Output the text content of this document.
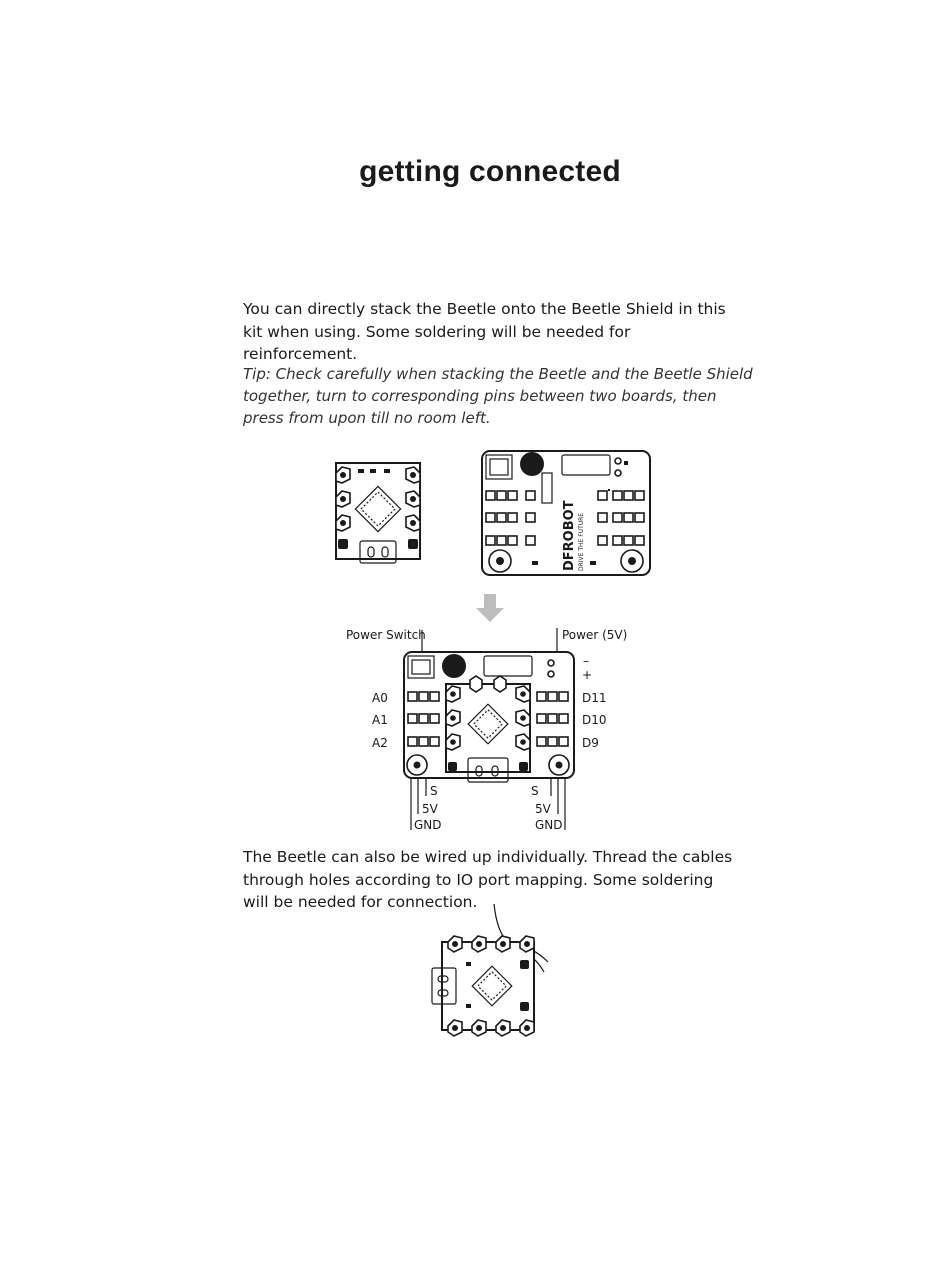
getting connected

You can directly stack the Beetle onto the Beetle Shield in this kit when using. Some soldering will be needed for reinforcement.

Tip: Check carefully when stacking the Beetle and the Beetle Shield together, turn to corresponding pins between two boards, then press from upon till no room left.

DFROBOT DRIVE THE FUTURE
Power Switch	Power (5V)
–
+
A0
A1
A2
D11
D10
D9
S
5V
GND
S
5V
GND

The Beetle can also be wired up individually. Thread the cables through holes according to IO port mapping. Some soldering will be needed for connection.
